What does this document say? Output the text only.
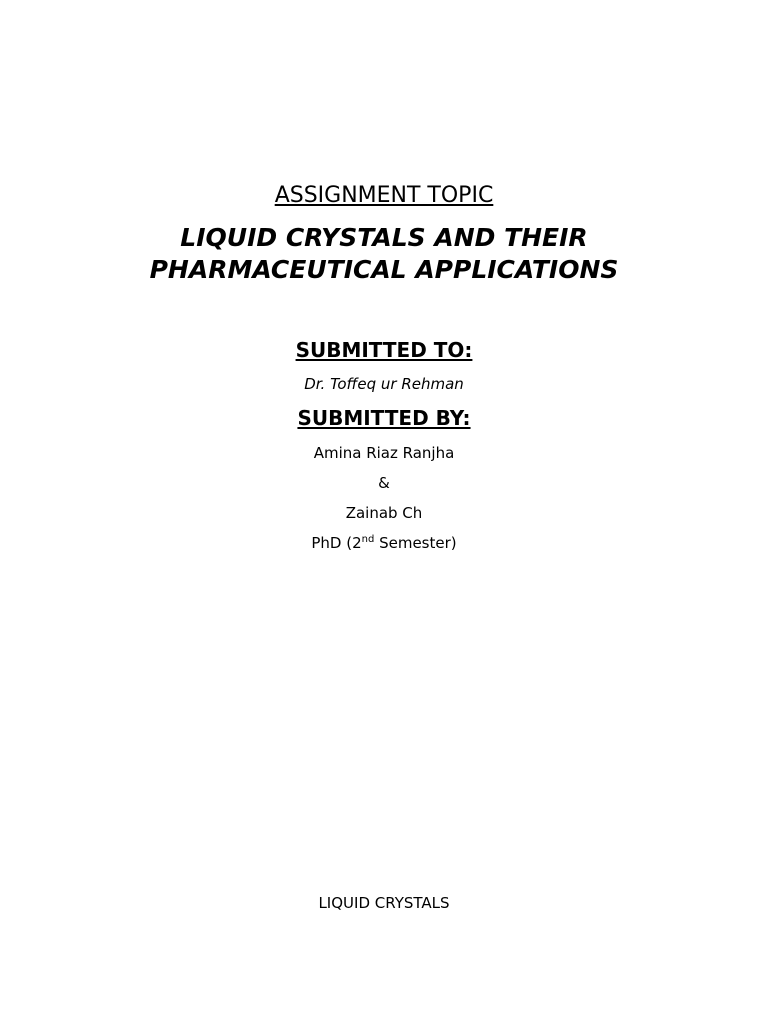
ASSIGNMENT TOPIC
LIQUID CRYSTALS AND THEIR
PHARMACEUTICAL APPLICATIONS
SUBMITTED TO:
Dr. Toffeq ur Rehman
SUBMITTED BY:
Amina Riaz Ranjha
&
Zainab Ch
PhD (2nd Semester)
LIQUID CRYSTALS
